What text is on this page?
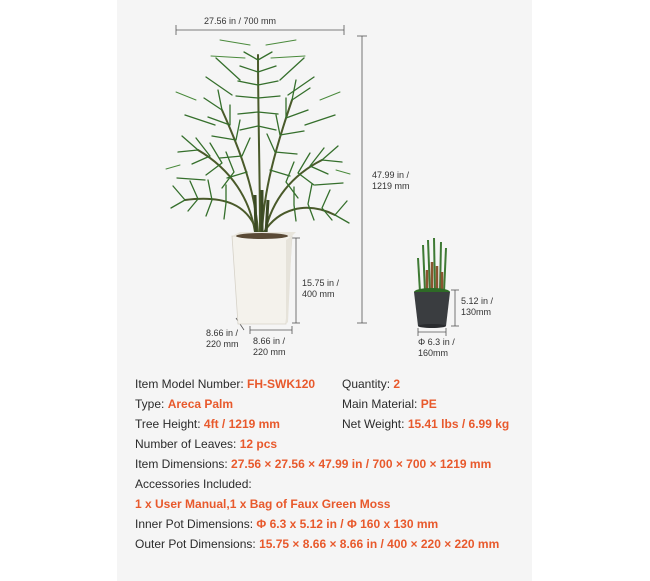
27.56 in / 700 mm
47.99 in /
1219 mm
15.75 in /
400 mm
8.66 in /
220 mm 8.66 in /
220 mm
5.12 in /
130mm
Φ 6.3 in /
160mm
Item Model Number: FH-SWK120 Quantity: 2
Type: Areca Palm	Main Material: PE
Tree Height: 4ft / 1219 mm	Net Weight: 15.41 lbs / 6.99 kg
Number of Leaves: 12 pcs
Item Dimensions: 27.56 × 27.56 × 47.99 in / 700 × 700 × 1219 mm
Accessories Included:
1 x User Manual,1 x Bag of Faux Green Moss
Inner Pot Dimensions: Φ 6.3 x 5.12 in / Φ 160 x 130 mm
Outer Pot Dimensions: 15.75 × 8.66 × 8.66 in / 400 × 220 × 220 mm
